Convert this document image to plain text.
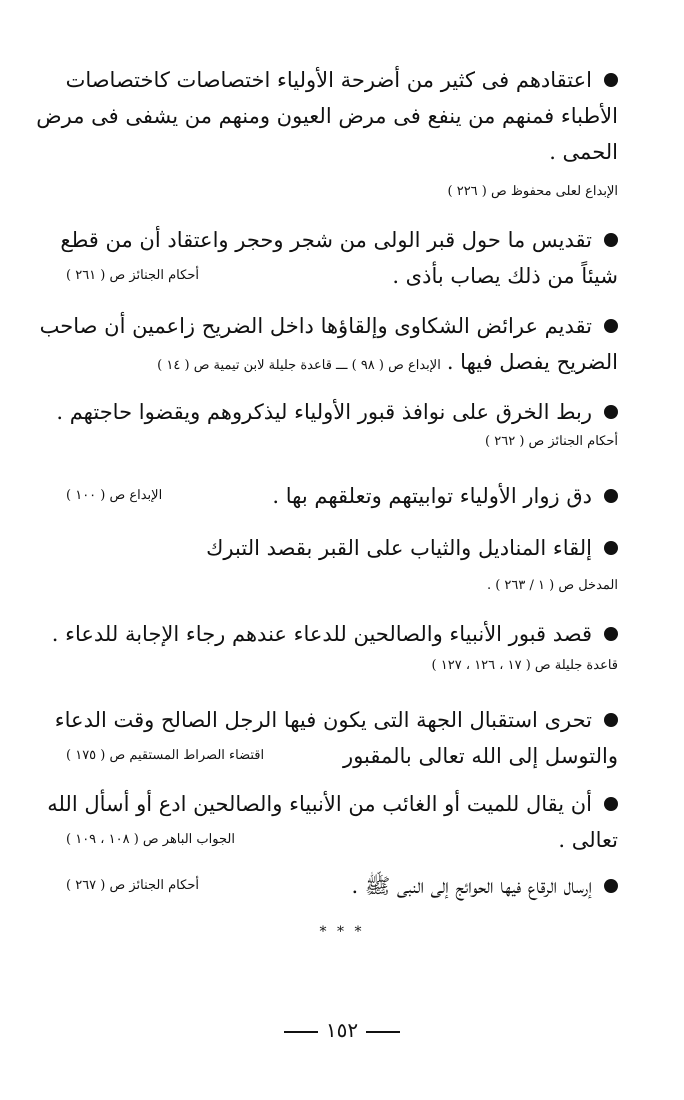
اعتقادهم فى كثير من أضرحة الأولياء اختصاصات كاختصاصات
الأطباء فمنهم من ينفع فى مرض العيون ومنهم من يشفى فى مرض
الحمى .
الإبداع لعلى محفوظ ص ( ٢٢٦ )
تقديس ما حول قبر الولى من شجر وحجر واعتقاد أن من قطع
شيئاً من ذلك يصاب بأذى .
أحكام الجنائز ص ( ٢٦١ )
تقديم عرائض الشكاوى وإلقاؤها داخل الضريح زاعمين أن صاحب
الضريح يفصل فيها .الإبداع ص ( ٩٨ ) ـــ قاعدة جليلة لابن تيمية ص ( ١٤ )
ربط الخرق على نوافذ قبور الأولياء ليذكروهم ويقضوا حاجتهم .
أحكام الجنائز ص ( ٢٦٢ )
دق زوار الأولياء توابيتهم وتعلقهم بها .
الإبداع ص ( ١٠٠ )
إلقاء المناديل والثياب على القبر بقصد التبرك
المدخل ص ( ١ / ٢٦٣ ) .
قصد قبور الأنبياء والصالحين للدعاء عندهم رجاء الإجابة للدعاء .
قاعدة جليلة ص ( ١٧ ، ١٢٦ ، ١٢٧ )
تحرى استقبال الجهة التى يكون فيها الرجل الصالح وقت الدعاء
والتوسل إلى الله تعالى بالمقبور
اقتضاء الصراط المستقيم ص ( ١٧٥ )
أن يقال للميت أو الغائب من الأنبياء والصالحين ادع أو أسأل الله
تعالى .
الجواب الباهر ص ( ١٠٨ ، ١٠٩ )
إرسال الرقاع فيها الحوائج إلى النبى ﷺ .
أحكام الجنائز ص ( ٢٦٧ )
* * *
١٥٢
